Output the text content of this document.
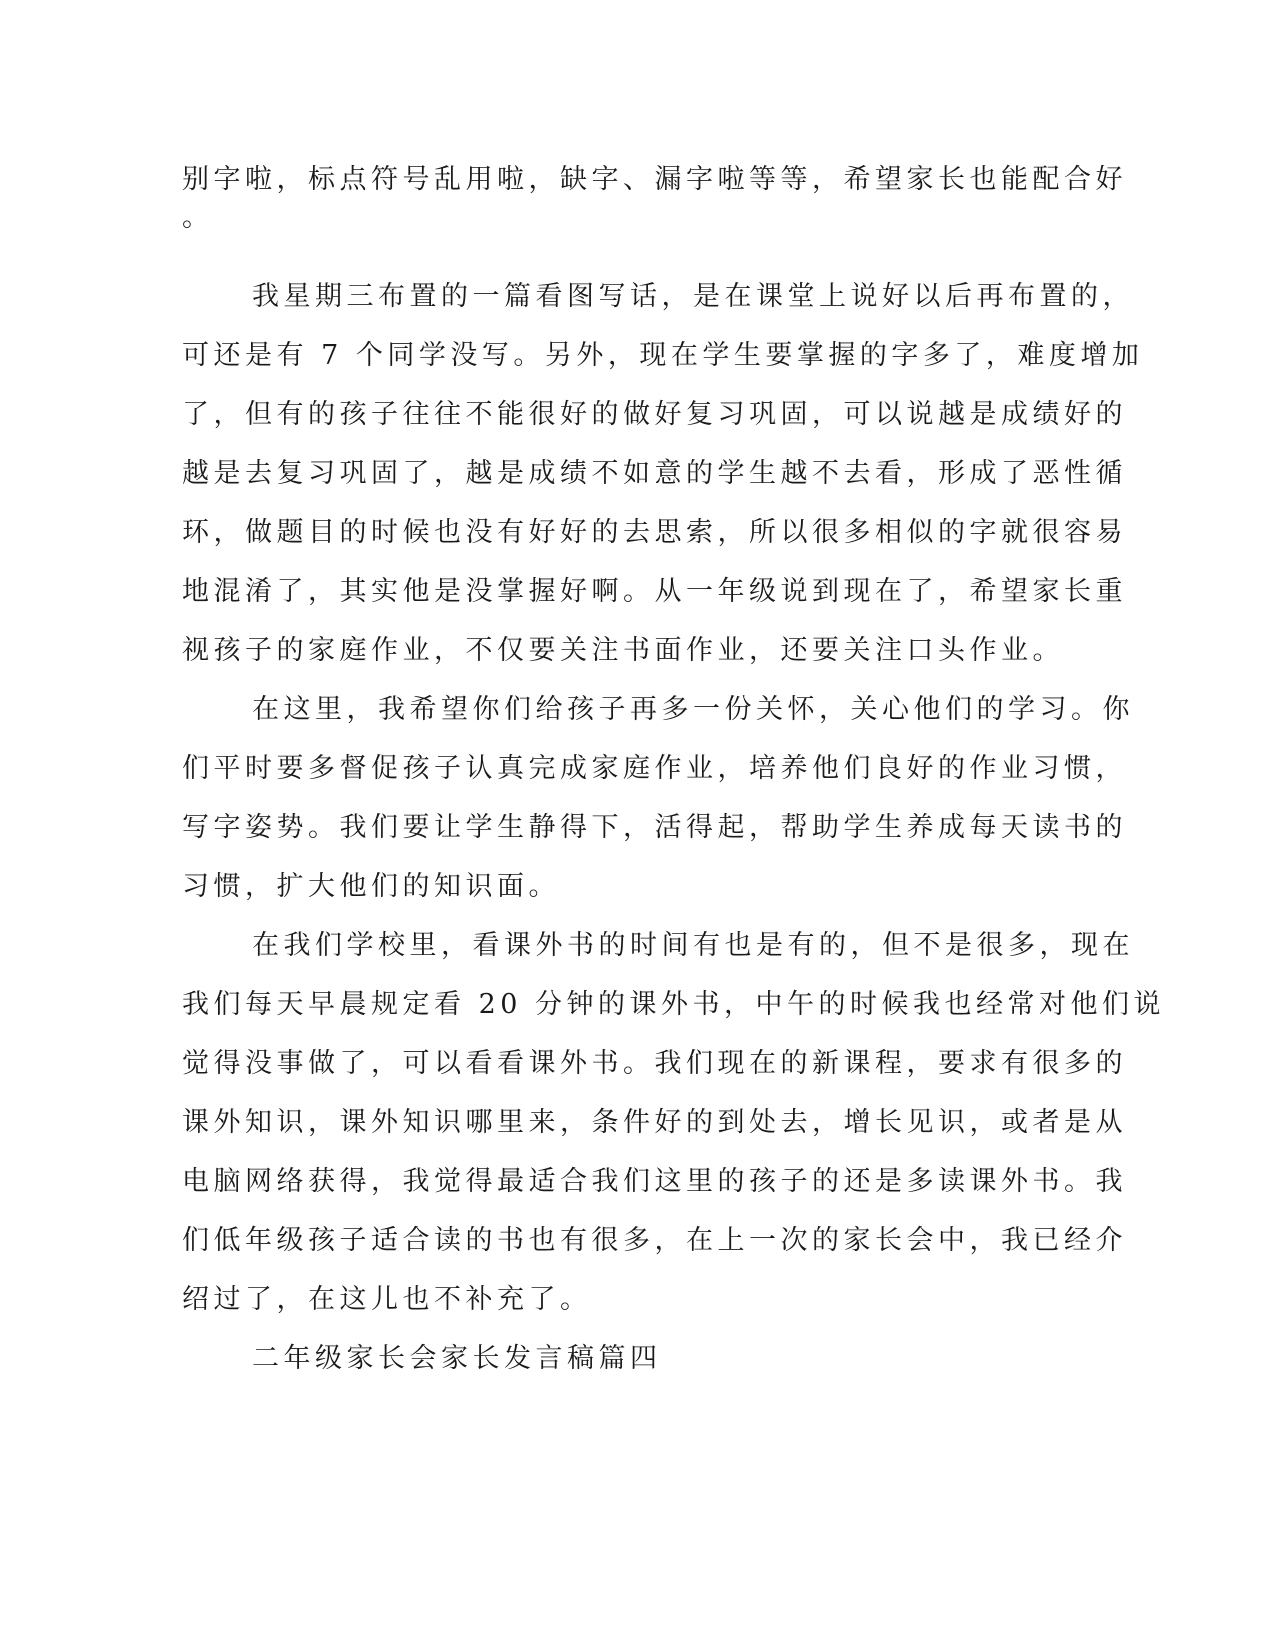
别字啦，标点符号乱用啦，缺字、漏字啦等等，希望家长也能配合好
。
我星期三布置的一篇看图写话，是在课堂上说好以后再布置的，
可还是有 7 个同学没写。另外，现在学生要掌握的字多了，难度增加
了，但有的孩子往往不能很好的做好复习巩固，可以说越是成绩好的
越是去复习巩固了，越是成绩不如意的学生越不去看，形成了恶性循
环，做题目的时候也没有好好的去思索，所以很多相似的字就很容易
地混淆了，其实他是没掌握好啊。从一年级说到现在了，希望家长重
视孩子的家庭作业，不仅要关注书面作业，还要关注口头作业。
在这里，我希望你们给孩子再多一份关怀，关心他们的学习。你
们平时要多督促孩子认真完成家庭作业，培养他们良好的作业习惯，
写字姿势。我们要让学生静得下，活得起，帮助学生养成每天读书的
习惯，扩大他们的知识面。
在我们学校里，看课外书的时间有也是有的，但不是很多，现在
我们每天早晨规定看 20 分钟的课外书，中午的时候我也经常对他们说
觉得没事做了，可以看看课外书。我们现在的新课程，要求有很多的
课外知识，课外知识哪里来，条件好的到处去，增长见识，或者是从
电脑网络获得，我觉得最适合我们这里的孩子的还是多读课外书。我
们低年级孩子适合读的书也有很多，在上一次的家长会中，我已经介
绍过了，在这儿也不补充了。
二年级家长会家长发言稿篇四
